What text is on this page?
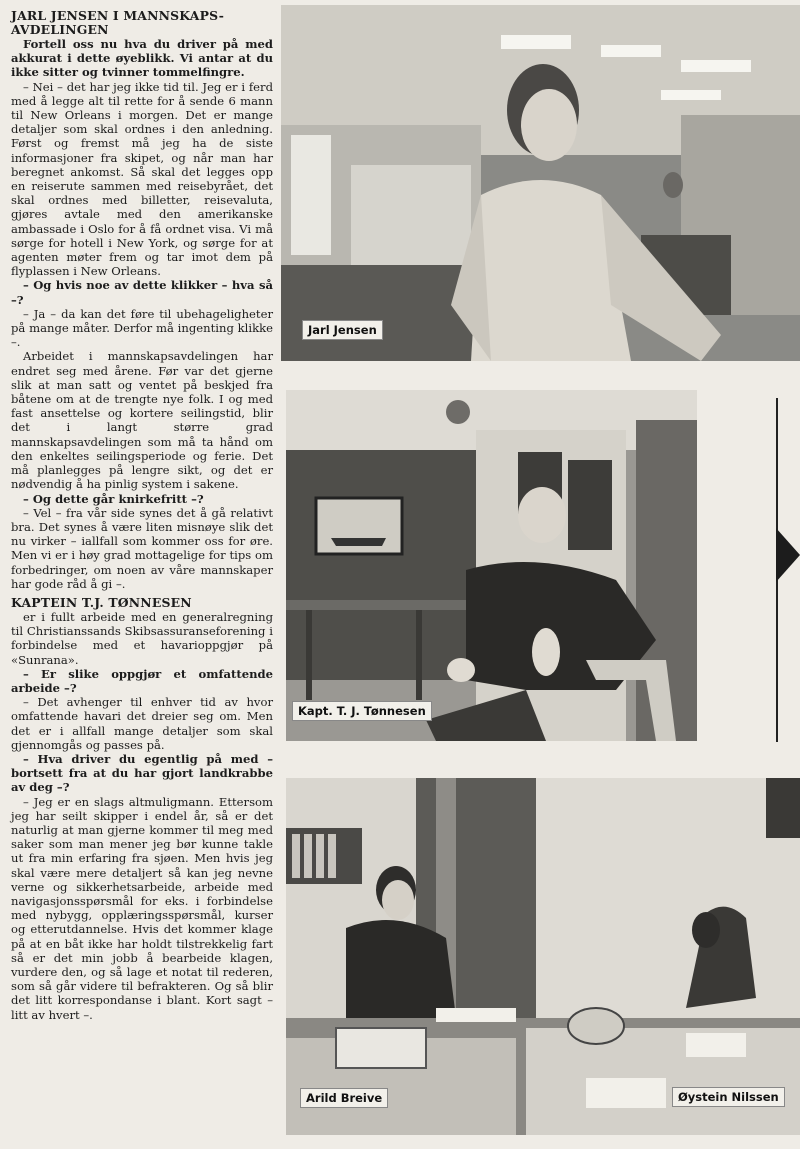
JARL JENSEN I MANNSKAPS-AVDELINGEN

Fortell oss nu hva du driver på med akkurat i dette øyeblikk. Vi antar at du ikke sitter og tvinner tommelfingre.

– Nei – det har jeg ikke tid til. Jeg er i ferd med å legge alt til rette for å sende 6 mann til New Orleans i morgen. Det er mange detaljer som skal ordnes i den anledning. Først og fremst må jeg ha de siste informasjoner fra skipet, og når man har beregnet ankomst. Så skal det legges opp en reiserute sammen med reisebyrået, det skal ordnes med billetter, reisevaluta, gjøres avtale med den amerikanske ambassade i Oslo for å få ordnet visa. Vi må sørge for hotell i New York, og sørge for at agenten møter frem og tar imot dem på flyplassen i New Orleans.

– Og hvis noe av dette klikker – hva så –?

– Ja – da kan det føre til ubehageligheter på mange måter. Derfor må ingenting klikke –.

Arbeidet i mannskapsavdelingen har endret seg med årene. Før var det gjerne slik at man satt og ventet på beskjed fra båtene om at de trengte nye folk. I og med fast ansettelse og kortere seilingstid, blir det i langt større grad mannskapsavdelingen som må ta hånd om den enkeltes seilingsperiode og ferie. Det må planlegges på lengre sikt, og det er nødvendig å ha pinlig system i sakene.

– Og dette går knirkefritt –?

– Vel – fra vår side synes det å gå relativt bra. Det synes å være liten misnøye slik det nu virker – iallfall som kommer oss for øre. Men vi er i høy grad mottagelige for tips om forbedringer, om noen av våre mannskaper har gode råd å gi –.

KAPTEIN T.J. TØNNESEN

er i fullt arbeide med en generalregning til Christianssands Skibsassuranseforening i forbindelse med et havarioppgjør på «Sunrana».

– Er slike oppgjør et omfattende arbeide –?

– Det avhenger til enhver tid av hvor omfattende havari det dreier seg om. Men det er i allfall mange detaljer som skal gjennomgås og passes på.

– Hva driver du egentlig på med – bortsett fra at du har gjort landkrabbe av deg –?

– Jeg er en slags altmuligmann. Ettersom jeg har seilt skipper i endel år, så er det naturlig at man gjerne kommer til meg med saker som man mener jeg bør kunne takle ut fra min erfaring fra sjøen. Men hvis jeg skal være mere detaljert så kan jeg nevne verne og sikkerhetsarbeide, arbeide med navigasjonsspørsmål for eks. i forbindelse med nybygg, opplæringsspørsmål, kurser og etterutdannelse. Hvis det kommer klage på at en båt ikke har holdt tilstrekkelig fart så er det min jobb å bearbeide klagen, vurdere den, og så lage et notat til rederen, som så går videre til befrakteren. Og så blir det litt korrespondanse i blant. Kort sagt – litt av hvert –.

Jarl Jensen
Kapt. T. J. Tønnesen
Arild Breive	Øystein Nilssen
